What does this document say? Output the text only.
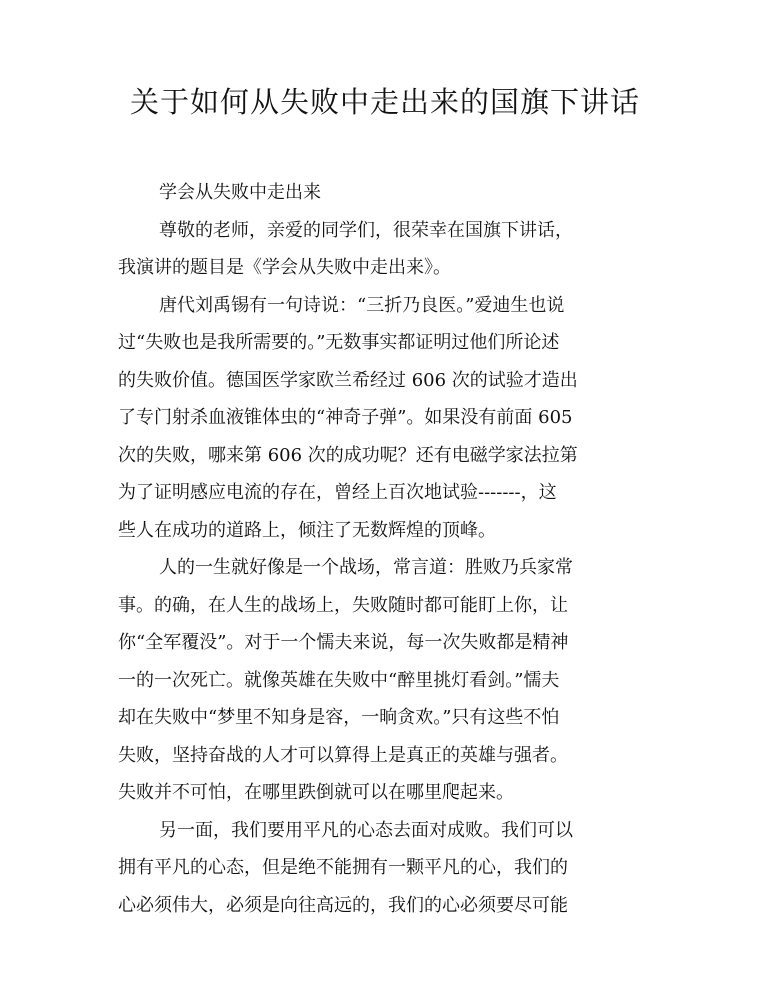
关于如何从失败中走出来的国旗下讲话

学会从失败中走出来

尊敬的老师，亲爱的同学们，很荣幸在国旗下讲话，

我演讲的题目是《学会从失败中走出来》。

唐代刘禹锡有一句诗说：“三折乃良医。”爱迪生也说

过“失败也是我所需要的。”无数事实都证明过他们所论述

的失败价值。德国医学家欧兰希经过 606 次的试验才造出

了专门射杀血液锥体虫的“神奇子弹”。如果没有前面 605

次的失败，哪来第 606 次的成功呢？还有电磁学家法拉第

为了证明感应电流的存在，曾经上百次地试验-------，这

些人在成功的道路上，倾注了无数辉煌的顶峰。

人的一生就好像是一个战场，常言道：胜败乃兵家常

事。的确，在人生的战场上，失败随时都可能盯上你，让

你“全军覆没”。对于一个懦夫来说，每一次失败都是精神

一的一次死亡。就像英雄在失败中“醉里挑灯看剑。”懦夫

却在失败中“梦里不知身是容，一晌贪欢。”只有这些不怕

失败，坚持奋战的人才可以算得上是真正的英雄与强者。

失败并不可怕，在哪里跌倒就可以在哪里爬起来。

另一面，我们要用平凡的心态去面对成败。我们可以

拥有平凡的心态，但是绝不能拥有一颗平凡的心，我们的

心必须伟大，必须是向往高远的，我们的心必须要尽可能
